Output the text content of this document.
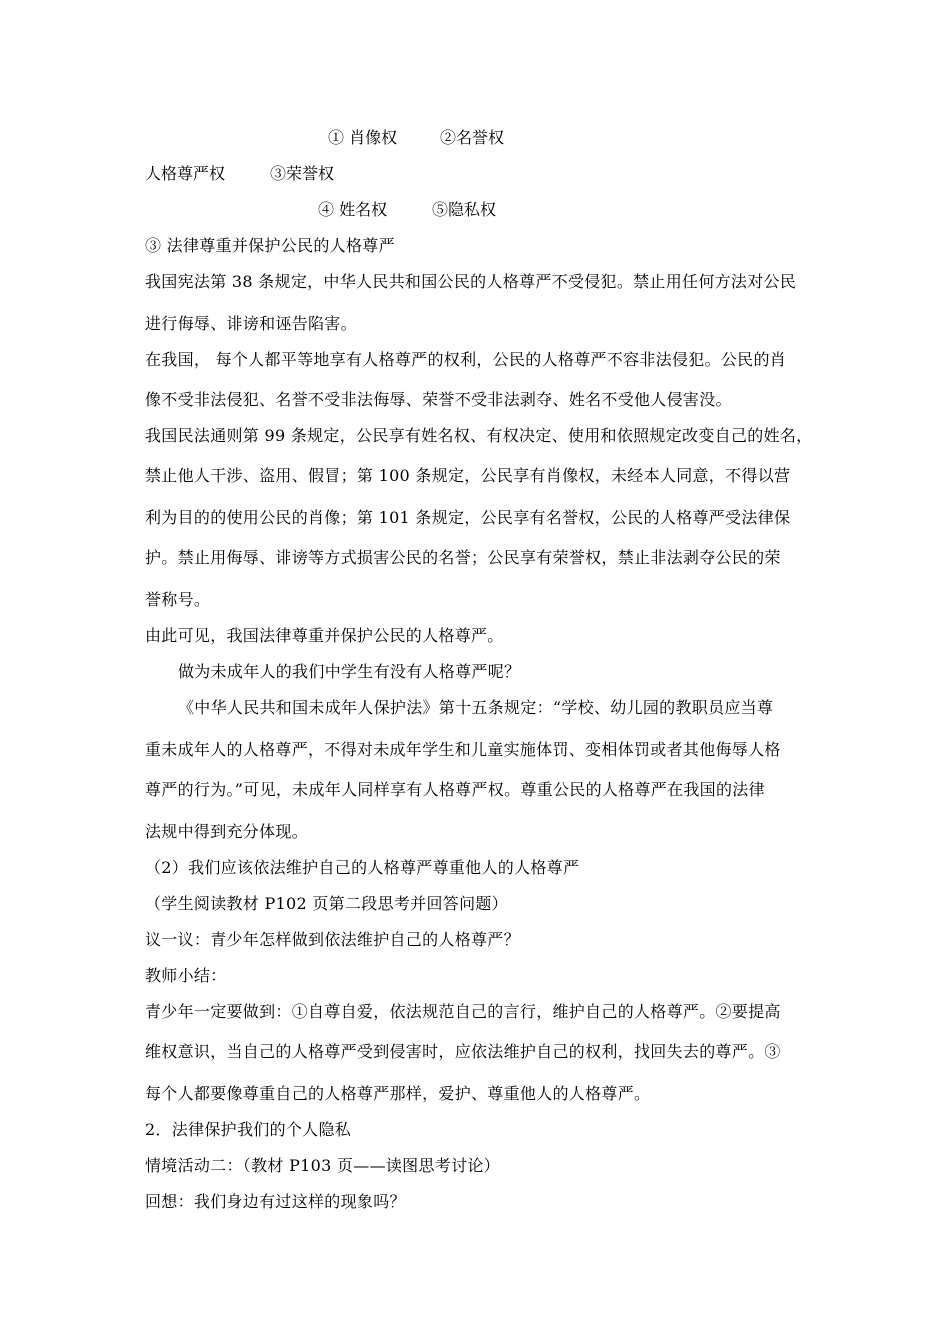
① 肖像权	②名誉权
人格尊严权	③荣誉权
④ 姓名权	⑤隐私权
③ 法律尊重并保护公民的人格尊严
我国宪法第 38 条规定，中华人民共和国公民的人格尊严不受侵犯。禁止用任何方法对公民
进行侮辱、诽谤和诬告陷害。
在我国， 每个人都平等地享有人格尊严的权利，公民的人格尊严不容非法侵犯。公民的肖
像不受非法侵犯、名誉不受非法侮辱、荣誉不受非法剥夺、姓名不受他人侵害没。
我国民法通则第 99 条规定，公民享有姓名权、有权决定、使用和依照规定改变自己的姓名，
禁止他人干涉、盗用、假冒；第 100 条规定，公民享有肖像权，未经本人同意，不得以营
利为目的的使用公民的肖像；第 101 条规定，公民享有名誉权，公民的人格尊严受法律保
护。禁止用侮辱、诽谤等方式损害公民的名誉；公民享有荣誉权，禁止非法剥夺公民的荣
誉称号。
由此可见，我国法律尊重并保护公民的人格尊严。
做为未成年人的我们中学生有没有人格尊严呢？
《中华人民共和国未成年人保护法》第十五条规定：“学校、幼儿园的教职员应当尊
重未成年人的人格尊严，不得对未成年学生和儿童实施体罚、变相体罚或者其他侮辱人格
尊严的行为。”可见，未成年人同样享有人格尊严权。尊重公民的人格尊严在我国的法律
法规中得到充分体现。
（2）我们应该依法维护自己的人格尊严尊重他人的人格尊严
（学生阅读教材 P102 页第二段思考并回答问题）
议一议：青少年怎样做到依法维护自己的人格尊严？
教师小结：
青少年一定要做到：①自尊自爱，依法规范自己的言行，维护自己的人格尊严。②要提高
维权意识，当自己的人格尊严受到侵害时，应依法维护自己的权利，找回失去的尊严。③
每个人都要像尊重自己的人格尊严那样，爱护、尊重他人的人格尊严。
2．法律保护我们的个人隐私
情境活动二：（教材 P103 页——读图思考讨论）
回想：我们身边有过这样的现象吗？
